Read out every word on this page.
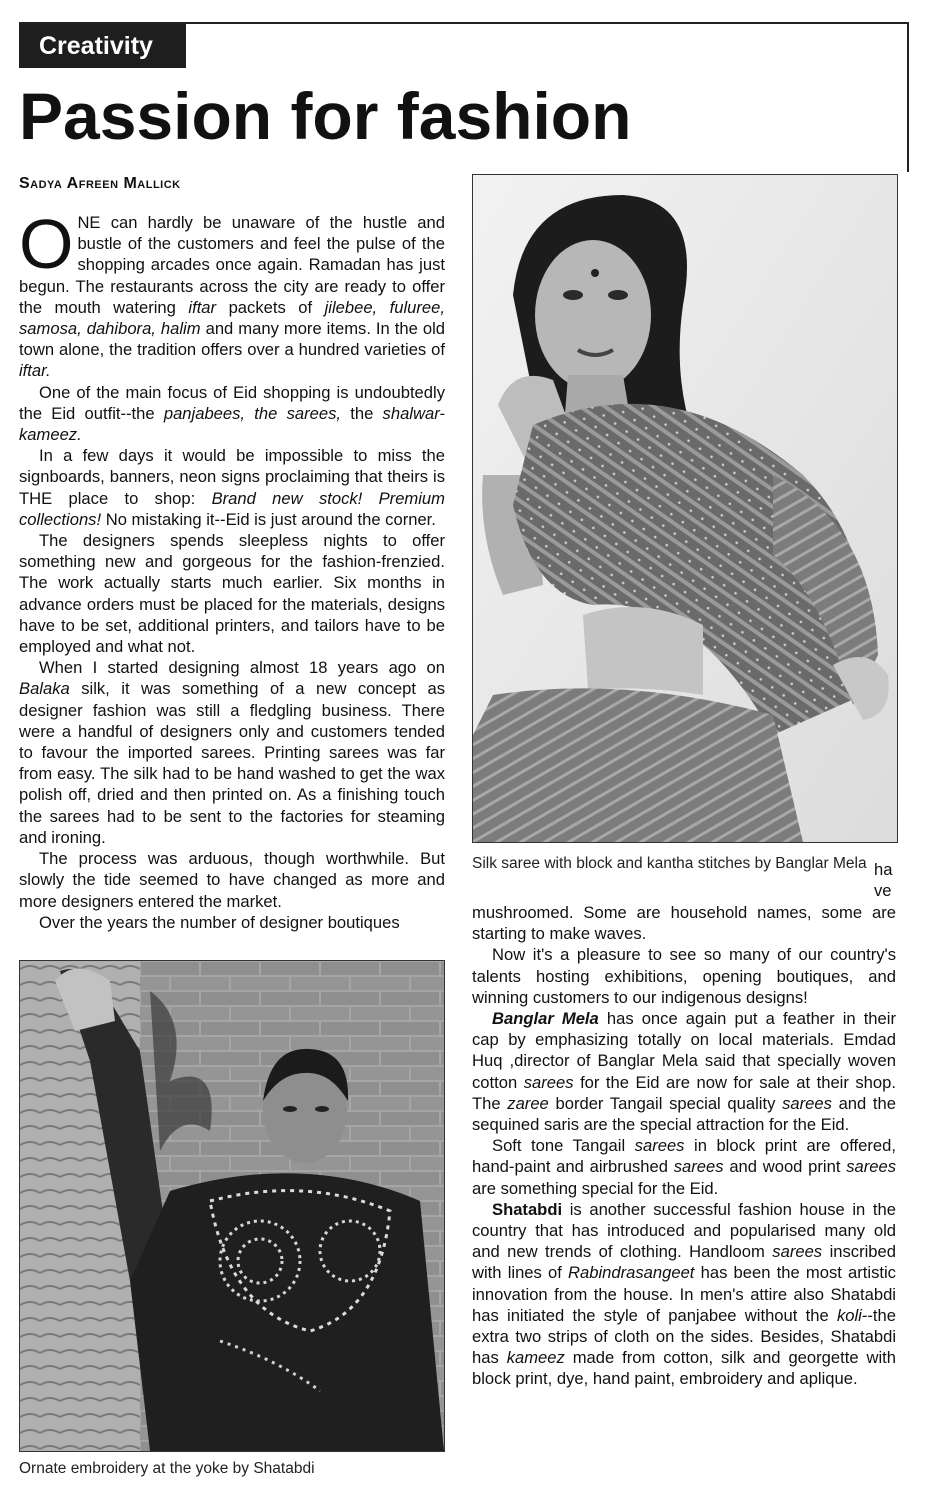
Creativity
Passion for fashion
Sadya Afreen Mallick

ONE can hardly be unaware of the hustle and bustle of the customers and feel the pulse of the shopping arcades once again. Ramadan has just begun. The restaurants across the city are ready to offer the mouth watering iftar packets of jilebee, fuluree, samosa, dahibora, halim and many more items. In the old town alone, the tradition offers over a hundred varieties of iftar.

One of the main focus of Eid shopping is undoubtedly the Eid outfit--the panjabees, the sarees, the shalwar-kameez.

In a few days it would be impossible to miss the signboards, banners, neon signs proclaiming that theirs is THE place to shop: Brand new stock! Premium collections! No mistaking it--Eid is just around the corner.

The designers spends sleepless nights to offer something new and gorgeous for the fashion-frenzied. The work actually starts much earlier. Six months in advance orders must be placed for the materials, designs have to be set, additional printers, and tailors have to be employed and what not.

When I started designing almost 18 years ago on Balaka silk, it was something of a new concept as designer fashion was still a fledgling business. There were a handful of designers only and customers tended to favour the imported sarees. Printing sarees was far from easy. The silk had to be hand washed to get the wax polish off, dried and then printed on. As a finishing touch the sarees had to be sent to the factories for steaming and ironing.

The process was arduous, though worthwhile. But slowly the tide seemed to have changed as more and more designers entered the market.

Over the years the number of designer boutiques

Silk saree with block and kantha stitches by Banglar Mela ha
ve

mushroomed. Some are household names, some are starting to make waves.

Now it's a pleasure to see so many of our country's talents hosting exhibitions, opening boutiques, and winning customers to our indigenous designs!

Banglar Mela has once again put a feather in their cap by emphasizing totally on local materials. Emdad Huq ,director of Banglar Mela said that specially woven cotton sarees for the Eid are now for sale at their shop. The zaree border Tangail special quality sarees and the sequined saris are the special attraction for the Eid.

Soft tone Tangail sarees in block print are offered, hand-paint and airbrushed sarees and wood print sarees are something special for the Eid.

Shatabdi is another successful fashion house in the country that has introduced and popularised many old and new trends of clothing. Handloom sarees inscribed with lines of Rabindrasangeet has been the most artistic innovation from the house. In men's attire also Shatabdi has initiated the style of panjabee without the koli--the extra two strips of cloth on the sides. Besides, Shatabdi has kameez made from cotton, silk and georgette with block print, dye, hand paint, embroidery and aplique.

Ornate embroidery at the yoke by Shatabdi
